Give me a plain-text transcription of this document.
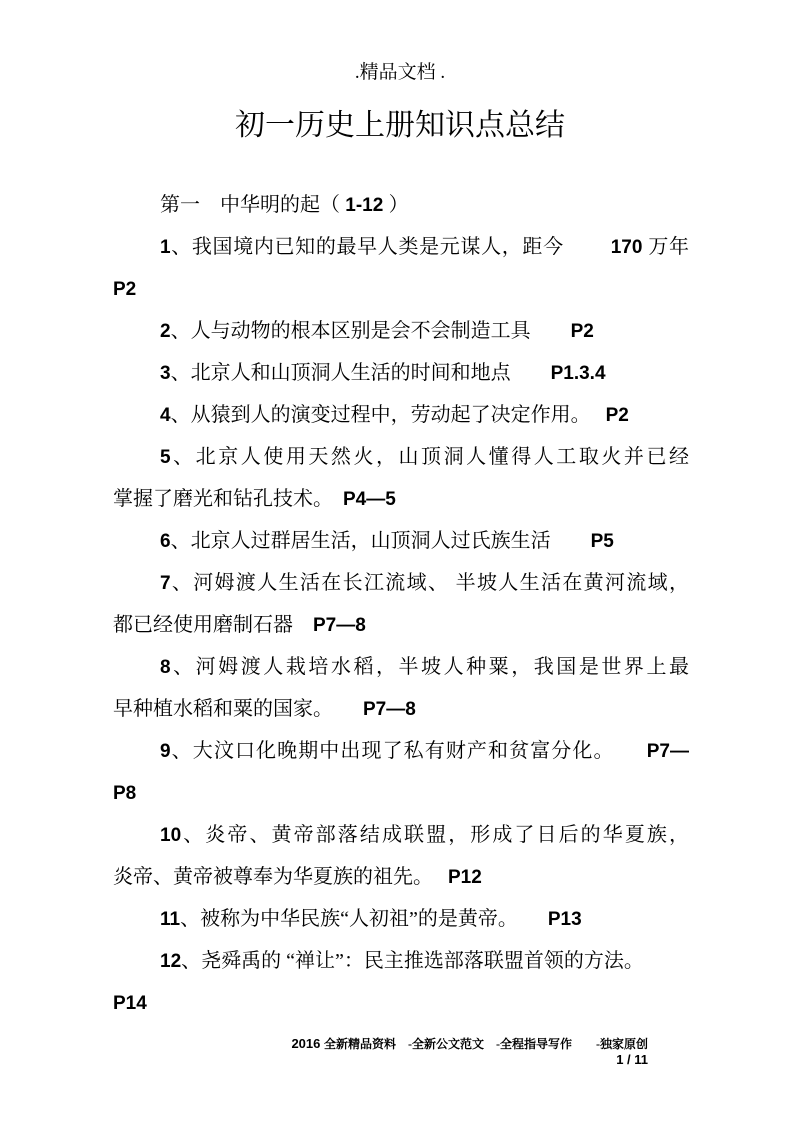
.精品文档 .
初一历史上册知识点总结
第一　中华明的起（ 1-12 ）
1、我国境内已知的最早人类是元谋人，距今　　 170 万年
P2
2、人与动物的根本区别是会不会制造工具　　P2
3、北京人和山顶洞人生活的时间和地点　　P1.3.4
4、从猿到人的演变过程中，劳动起了决定作用。　 P2
5、北京人使用天然火，山顶洞人懂得人工取火并已经
掌握了磨光和钻孔技术。　P4—5
6、北京人过群居生活，山顶洞人过氏族生活　　P5
7、河姆渡人生活在长江流域、 半坡人生活在黄河流域，
都已经使用磨制石器　P7—8
8、河姆渡人栽培水稻，半坡人种粟，我国是世界上最
早种植水稻和粟的国家。　　P7—8
9、大汶口化晚期中出现了私有财产和贫富分化。　　P7—
P8
10、炎帝、黄帝部落结成联盟，形成了日后的华夏族，
炎帝、黄帝被尊奉为华夏族的祖先。　 P12
11、被称为中华民族“人初祖”的是黄帝。　　P13
12、尧舜禹的 “禅让”：民主推选部落联盟首领的方法。
P14
2016 全新精品资料　-全新公文范文　-全程指导写作　　-独家原创
1 / 11
